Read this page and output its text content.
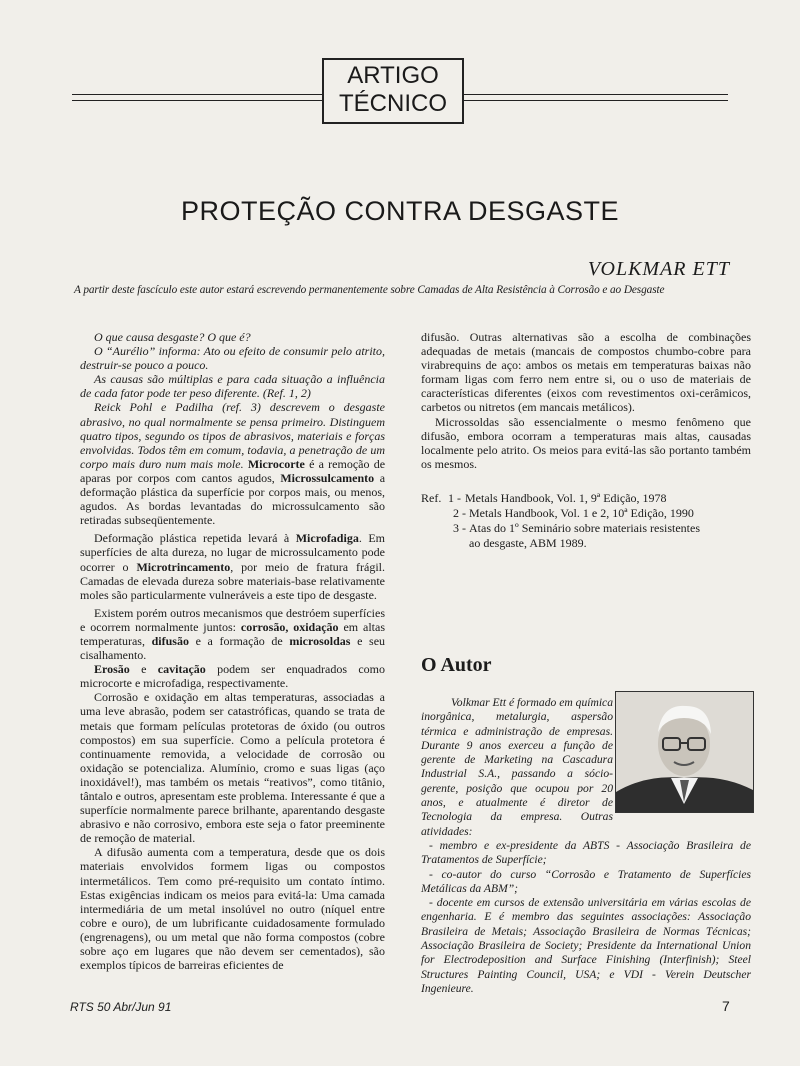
ARTIGO
TÉCNICO
PROTEÇÃO CONTRA DESGASTE
VOLKMAR ETT
A partir deste fascículo este autor estará escrevendo permanentemente sobre Camadas de Alta Resistência à Corrosão e ao Desgaste

O que causa desgaste? O que é?

O “Aurélio” informa: Ato ou efeito de consumir pelo atrito, destruir-se pouco a pouco.

As causas são múltiplas e para cada situação a influência de cada fator pode ter peso diferente. (Ref. 1, 2)

Reick Pohl e Padilha (ref. 3) descrevem o desgaste abrasivo, no qual normalmente se pensa primeiro. Distinguem quatro tipos, segundo os tipos de abrasivos, materiais e forças envolvidas. Todos têm em comum, todavia, a penetração de um corpo mais duro num mais mole. Microcorte é a remoção de aparas por corpos com cantos agudos, Microssulcamento a deformação plástica da superfície por corpos mais, ou menos, agudos. As bordas levantadas do microssulcamento são retiradas subseqüentemente.

Deformação plástica repetida levará à Microfadiga. Em superfícies de alta dureza, no lugar de microssulcamento pode ocorrer o Microtrincamento, por meio de fratura frágil. Camadas de elevada dureza sobre materiais-base relativamente moles são particularmente vulneráveis a este tipo de desgaste.

Existem porém outros mecanismos que destróem superfícies e ocorrem normalmente juntos: corrosão, oxidação em altas temperaturas, difusão e a formação de microsoldas e seu cisalhamento.

Erosão e cavitação podem ser enquadrados como microcorte e microfadiga, respectivamente.

Corrosão e oxidação em altas temperaturas, associadas a uma leve abrasão, podem ser catastróficas, quando se trata de metais que formam películas protetoras de óxido (ou outros compostos) em sua superfície. Como a película protetora é continuamente removida, a velocidade de corrosão ou oxidação se potencializa. Alumínio, cromo e suas ligas (aço inoxidável!), mas também os metais “reativos”, como titânio, tântalo e outros, apresentam este problema. Interessante é que a superfície normalmente parece brilhante, aparentando desgaste abrasivo e não corrosivo, embora este seja o fator preeminente de remoção de material.

A difusão aumenta com a temperatura, desde que os dois materiais envolvidos formem ligas ou compostos intermetálicos. Tem como pré-requisito um contato íntimo. Estas exigências indicam os meios para evitá-la: Uma camada intermediária de um metal insolúvel no outro (níquel entre cobre e ouro), de um lubrificante cuidadosamente formulado (engrenagens), ou um metal que não forma compostos (cobre sobre aço em lugares que não devem ser cementados), são exemplos típicos de barreiras eficientes de

difusão. Outras alternativas são a escolha de combinações adequadas de metais (mancais de compostos chumbo-cobre para virabrequins de aço: ambos os metais em temperaturas baixas não formam ligas com ferro nem entre si, ou o uso de materiais de características diferentes (eixos com revestimentos oxi-cerâmicos, carbetos ou nitretos (em mancais metálicos).

Microssoldas são essencialmente o mesmo fenômeno que difusão, embora ocorram a temperaturas mais altas, causadas localmente pelo atrito. Os meios para evitá-las são portanto também os mesmos.

Ref.
1 -
Metals Handbook, Vol. 1, 9ª Edição, 1978
2 - Metals Handbook, Vol. 1 e 2, 10ª Edição, 1990
3 - Atas do 1º Seminário sobre materiais resistentes
ao desgaste, ABM 1989.
O Autor
Volkmar Ett é formado em química inorgânica, metalurgia, aspersão térmica e administração de empresas. Durante 9 anos exerceu a função de gerente de Marketing na Cascadura Industrial S.A., passando a sócio-gerente, posição que ocupou por 20 anos, e atualmente é diretor de Tecnologia da empresa. Outras atividades:

- membro e ex-presidente da ABTS - Associação Brasileira de Tratamentos de Superfície;

- co-autor do curso “Corrosão e Tratamento de Superfícies Metálicas da ABM”;

- docente em cursos de extensão universitária em várias escolas de engenharia. E é membro das seguintes associações: Associação Brasileira de Metais; Associação Brasileira de Normas Técnicas; Associação Brasileira de Society; Presidente da International Union for Electrodeposition and Surface Finishing (Interfinish); Steel Structures Painting Council, USA; e VDI - Verein Deutscher Ingenieure.

RTS 50 Abr/Jun 91	7
